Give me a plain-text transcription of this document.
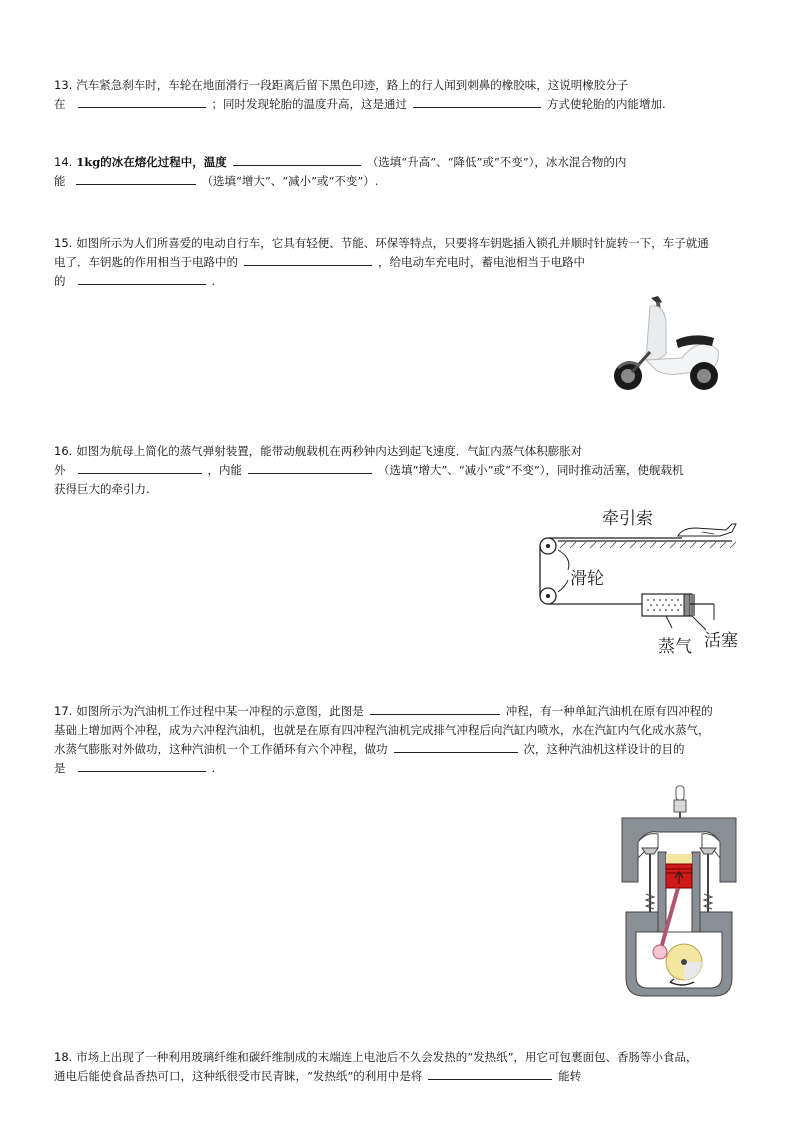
13. 汽车紧急刹车时，车轮在地面滑行一段距离后留下黑色印迹，路上的行人闻到刺鼻的橡胶味，这说明橡胶分子
在	；同时发现轮胎的温度升高，这是通过	方式使轮胎的内能增加.
14. 1kg的冰在熔化过程中，温度	（选填“升高”、“降低”或“不变”），冰水混合物的内
能	（选填“增大”、“减小”或“不变”）.
15. 如图所示为人们所喜爱的电动自行车，它具有轻便、节能、环保等特点，只要将车钥匙插入锁孔并顺时针旋转一下，车子就通
电了．车钥匙的作用相当于电路中的	，给电动车充电时，蓄电池相当于电路中
的	.
16. 如图为航母上简化的蒸气弹射装置，能带动舰载机在两秒钟内达到起飞速度．气缸内蒸气体积膨胀对
外	，内能	（选填“增大”、“减小”或“不变”），同时推动活塞，使舰载机
获得巨大的牵引力.
牵引索
滑轮
蒸气 活塞
17. 如图所示为汽油机工作过程中某一冲程的示意图，此图是	冲程，有一种单缸汽油机在原有四冲程的
基础上增加两个冲程，成为六冲程汽油机，也就是在原有四冲程汽油机完成排气冲程后向汽缸内喷水，水在汽缸内气化成水蒸气，
水蒸气膨胀对外做功，这种汽油机一个工作循环有六个冲程，做功	次，这种汽油机这样设计的目的
是	.
18. 市场上出现了一种利用玻璃纤维和碳纤维制成的末端连上电池后不久会发热的“发热纸”，用它可包裹面包、香肠等小食品，
通电后能使食品香热可口，这种纸很受市民青睐，“发热纸”的利用中是将	能转
